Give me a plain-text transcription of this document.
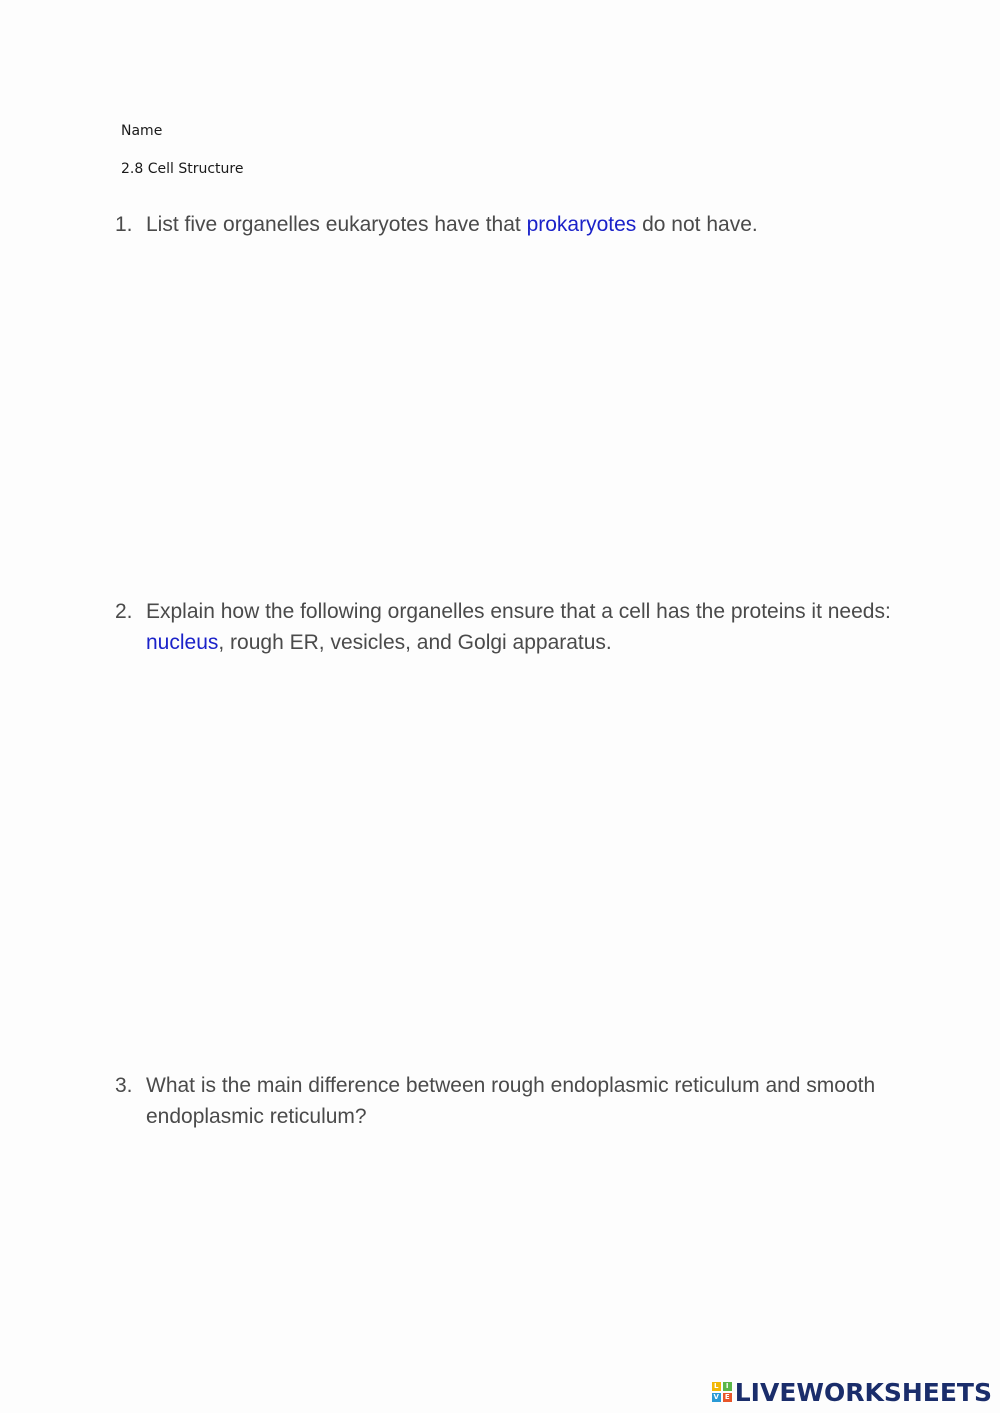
Name
2.8 Cell Structure
1. List five organelles eukaryotes have that prokaryotes do not have.
2. Explain how the following organelles ensure that a cell has the proteins it needs: nucleus, rough ER, vesicles, and Golgi apparatus.
3. What is the main difference between rough endoplasmic reticulum and smooth endoplasmic reticulum?
L	I
V E LIVEWORKSHEETS
